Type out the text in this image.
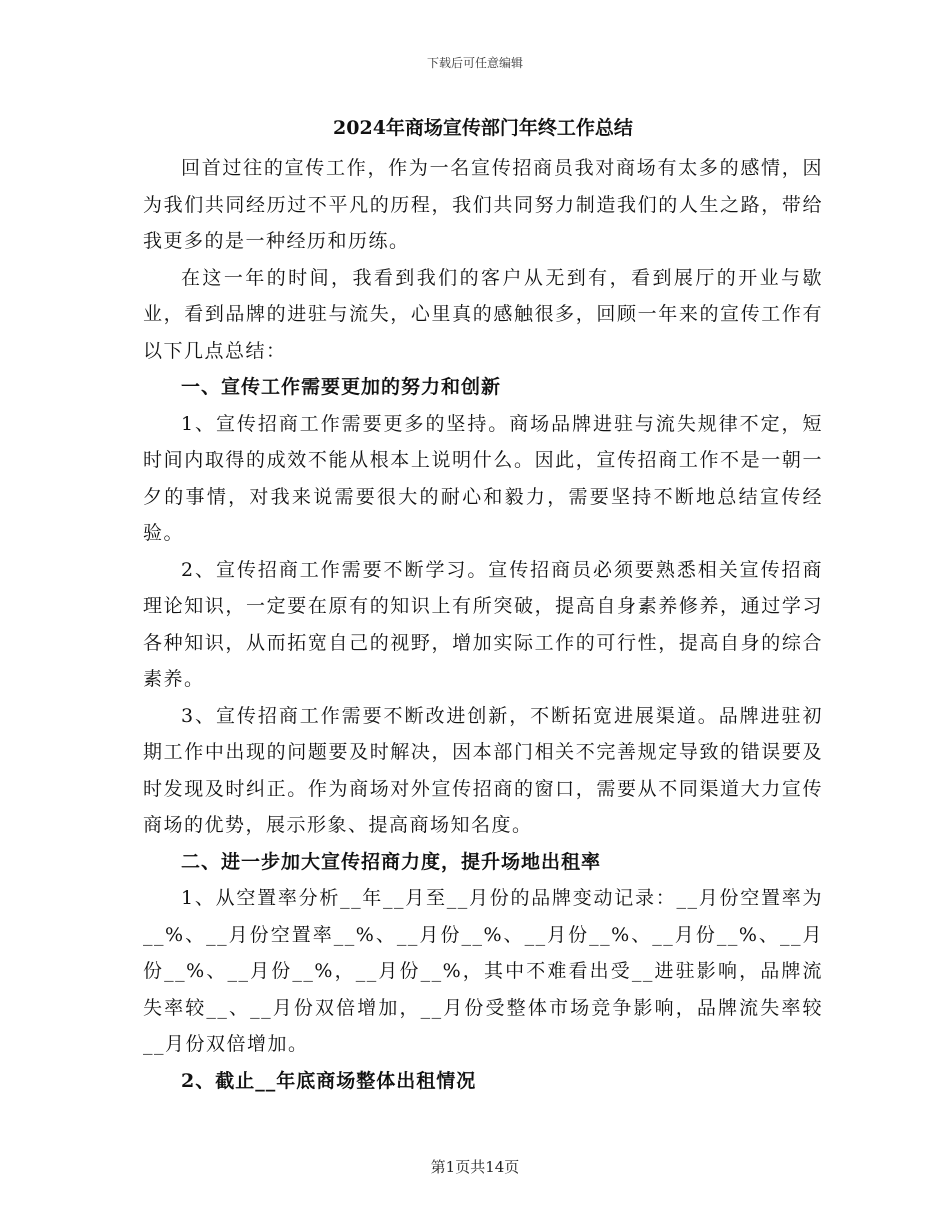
下载后可任意编辑
2024年商场宣传部门年终工作总结

回首过往的宣传工作，作为一名宣传招商员我对商场有太多的感情，因为我们共同经历过不平凡的历程，我们共同努力制造我们的人生之路，带给我更多的是一种经历和历练。

在这一年的时间，我看到我们的客户从无到有，看到展厅的开业与歇业，看到品牌的进驻与流失，心里真的感触很多，回顾一年来的宣传工作有以下几点总结：

一、宣传工作需要更加的努力和创新

1、宣传招商工作需要更多的坚持。商场品牌进驻与流失规律不定，短时间内取得的成效不能从根本上说明什么。因此，宣传招商工作不是一朝一夕的事情，对我来说需要很大的耐心和毅力，需要坚持不断地总结宣传经验。

2、宣传招商工作需要不断学习。宣传招商员必须要熟悉相关宣传招商理论知识，一定要在原有的知识上有所突破，提高自身素养修养，通过学习各种知识，从而拓宽自己的视野，增加实际工作的可行性，提高自身的综合素养。

3、宣传招商工作需要不断改进创新，不断拓宽进展渠道。品牌进驻初期工作中出现的问题要及时解决，因本部门相关不完善规定导致的错误要及时发现及时纠正。作为商场对外宣传招商的窗口，需要从不同渠道大力宣传商场的优势，展示形象、提高商场知名度。

二、进一步加大宣传招商力度，提升场地出租率

1、从空置率分析__年__月至__月份的品牌变动记录：__月份空置率为__%、__月份空置率__%、__月份__%、__月份__%、__月份__%、__月份__%、__月份__%，__月份__%，其中不难看出受__进驻影响，品牌流失率较__、__月份双倍增加，__月份受整体市场竞争影响，品牌流失率较__月份双倍增加。

2、截止__年底商场整体出租情况

第1页共14页
